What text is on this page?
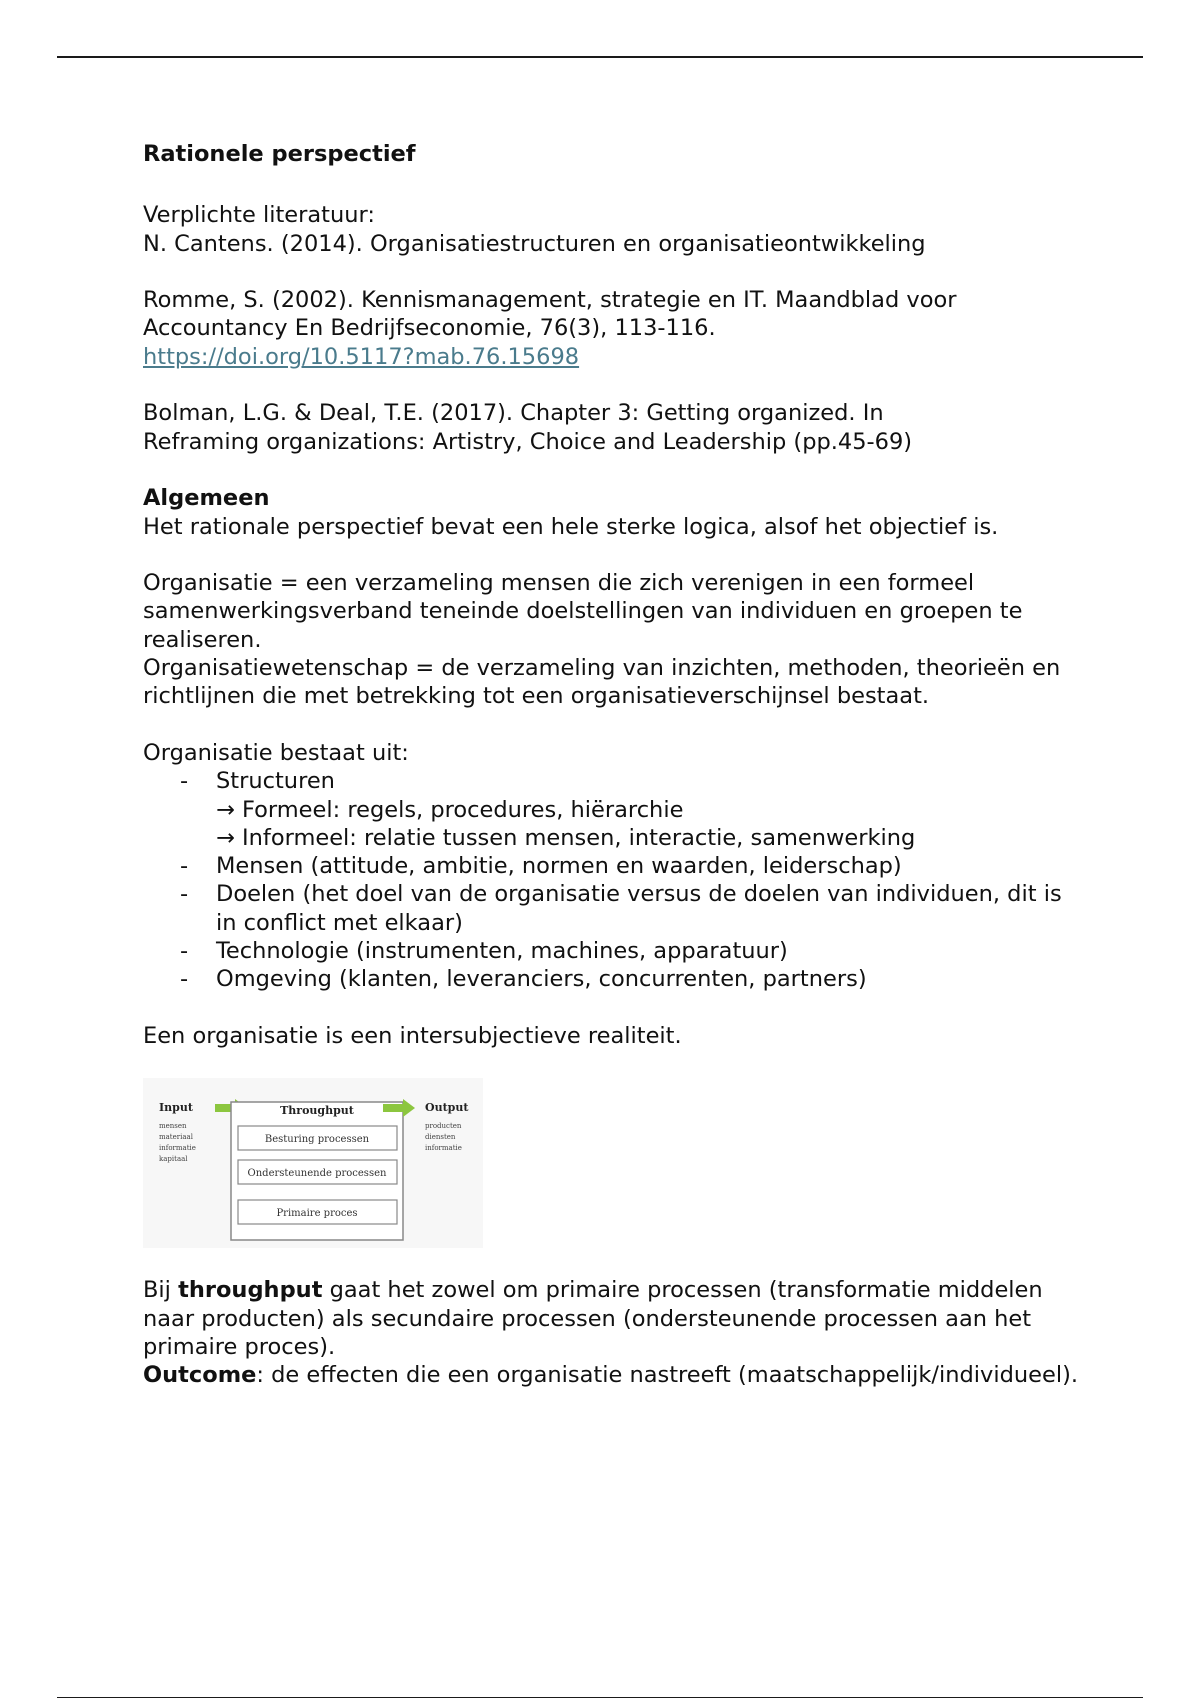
Rationele perspectief

Verplichte literatuur:

N. Cantens. (2014). Organisatiestructuren en organisatieontwikkeling

Romme, S. (2002). Kennismanagement, strategie en IT. Maandblad voor

Accountancy En Bedrijfseconomie, 76(3), 113-116.

https://doi.org/10.5117?mab.76.15698

Bolman, L.G. & Deal, T.E. (2017). Chapter 3: Getting organized. In

Reframing organizations: Artistry, Choice and Leadership (pp.45-69)

Algemeen

Het rationale perspectief bevat een hele sterke logica, alsof het objectief is.

Organisatie = een verzameling mensen die zich verenigen in een formeel samenwerkingsverband teneinde doelstellingen van individuen en groepen te realiseren.

Organisatiewetenschap = de verzameling van inzichten, methoden, theorieën en richtlijnen die met betrekking tot een organisatieverschijnsel bestaat.

Organisatie bestaat uit:

- Structuren
→ Formeel: regels, procedures, hiërarchie
→ Informeel: relatie tussen mensen, interactie, samenwerking
- Mensen (attitude, ambitie, normen en waarden, leiderschap)
- Doelen (het doel van de organisatie versus de doelen van individuen, dit is in conflict met elkaar)
- Technologie (instrumenten, machines, apparatuur)
- Omgeving (klanten, leveranciers, concurrenten, partners)

Een organisatie is een intersubjectieve realiteit.

Input
mensen
materiaal
informatie
kapitaal
Throughput
Besturing processen
Ondersteunende processen
Primaire proces
Output
producten
diensten
informatie

Bij throughput gaat het zowel om primaire processen (transformatie middelen naar producten) als secundaire processen (ondersteunende processen aan het primaire proces).

Outcome: de effecten die een organisatie nastreeft (maatschappelijk/individueel).
